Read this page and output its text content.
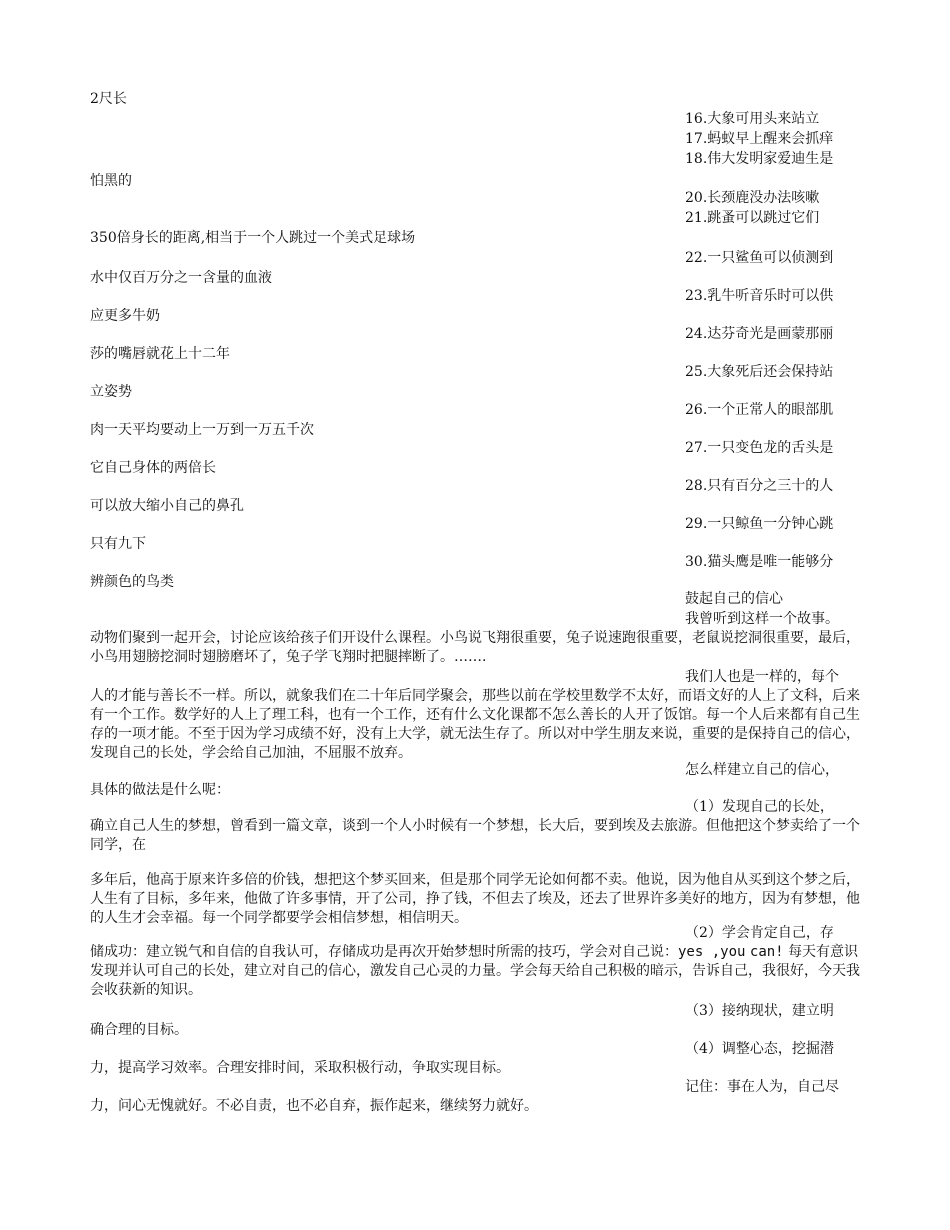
2尺长
怕黑的
350倍身长的距离,相当于一个人跳过一个美式足球场
水中仅百万分之一含量的血液
应更多牛奶
莎的嘴唇就花上十二年
立姿势
肉一天平均要动上一万到一万五千次
它自己身体的两倍长
可以放大缩小自己的鼻孔
只有九下
辨颜色的鸟类
16.大象可用头来站立
17.蚂蚁早上醒来会抓痒
18.伟大发明家爱迪生是
20.长颈鹿没办法咳嗽
21.跳蚤可以跳过它们
22.一只鲨鱼可以侦测到
23.乳牛听音乐时可以供
24.达芬奇光是画蒙那丽
25.大象死后还会保持站
26.一个正常人的眼部肌
27.一只变色龙的舌头是
28.只有百分之三十的人
29.一只鲸鱼一分钟心跳
30.猫头鹰是唯一能够分
鼓起自己的信心
我曾听到这样一个故事。
动物们聚到一起开会，讨论应该给孩子们开设什么课程。小鸟说飞翔很重要，兔子说速跑很重要，老鼠说挖洞很重要，最后，小鸟用翅膀挖洞时翅膀磨坏了，兔子学飞翔时把腿摔断了。…….
我们人也是一样的，每个
人的才能与善长不一样。所以，就象我们在二十年后同学聚会，那些以前在学校里数学不太好，而语文好的人上了文科，后来有一个工作。数学好的人上了理工科，也有一个工作，还有什么文化课都不怎么善长的人开了饭馆。每一个人后来都有自己生存的一项才能。不至于因为学习成绩不好，没有上大学，就无法生存了。所以对中学生朋友来说，重要的是保持自己的信心，发现自己的长处，学会给自己加油，不屈服不放弃。
怎么样建立自己的信心，
具体的做法是什么呢：
（1）发现自己的长处，
确立自己人生的梦想，曾看到一篇文章，谈到一个人小时候有一个梦想，长大后，要到埃及去旅游。但他把这个梦卖给了一个同学，在
多年后，他高于原来许多倍的价钱，想把这个梦买回来，但是那个同学无论如何都不卖。他说，因为他自从买到这个梦之后，人生有了目标，多年来，他做了许多事情，开了公司，挣了钱，不但去了埃及，还去了世界许多美好的地方，因为有梦想，他的人生才会幸福。每一个同学都要学会相信梦想，相信明天。
（2）学会肯定自己，存
储成功：建立锐气和自信的自我认可，存储成功是再次开始梦想时所需的技巧，学会对自己说：yes ,you can! 每天有意识发现并认可自己的长处，建立对自己的信心，激发自己心灵的力量。学会每天给自己积极的暗示，告诉自己，我很好，今天我会收获新的知识。
（3）接纳现状，建立明
确合理的目标。
（4）调整心态，挖掘潜
力，提高学习效率。合理安排时间，采取积极行动，争取实现目标。
记住：事在人为，自己尽
力，问心无愧就好。不必自责，也不必自弃，振作起来，继续努力就好。
